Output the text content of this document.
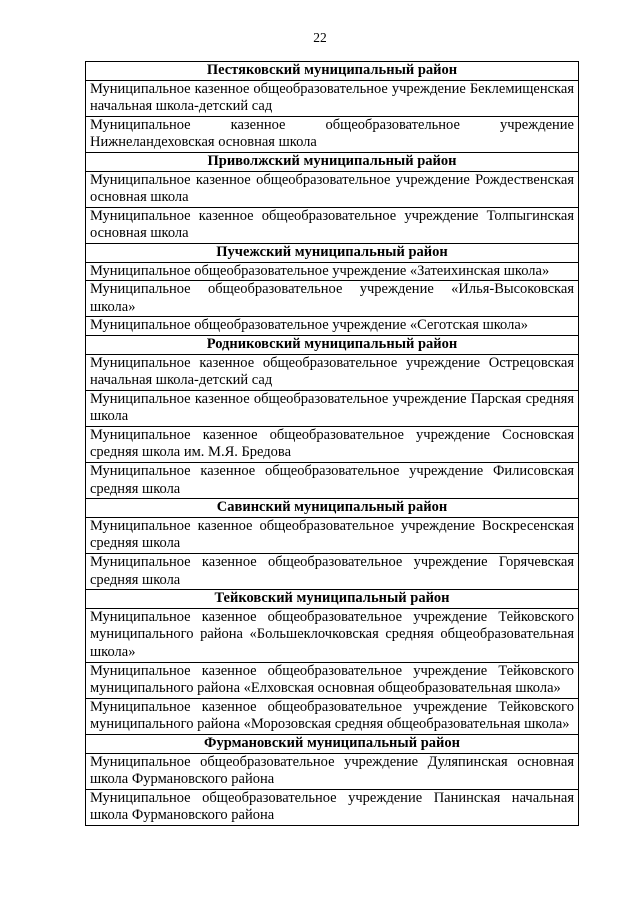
22
Пестяковский муниципальный район
Муниципальное казенное общеобразовательное учреждение Беклемищенская начальная школа-детский сад
Муниципальное казенное общеобразовательное учреждение Нижнеландеховская основная школа
Приволжский муниципальный район
Муниципальное казенное общеобразовательное учреждение Рождественская основная школа
Муниципальное казенное общеобразовательное учреждение Толпыгинская основная школа
Пучежский муниципальный район
Муниципальное общеобразовательное учреждение «Затеихинская школа»
Муниципальное общеобразовательное учреждение «Илья-Высоковская школа»
Муниципальное общеобразовательное учреждение «Сеготская школа»
Родниковский муниципальный район
Муниципальное казенное общеобразовательное учреждение Острецовская начальная школа-детский сад
Муниципальное казенное общеобразовательное учреждение Парская средняя школа
Муниципальное казенное общеобразовательное учреждение Сосновская средняя школа им. М.Я. Бредова
Муниципальное казенное общеобразовательное учреждение Филисовская средняя школа
Савинский муниципальный район
Муниципальное казенное общеобразовательное учреждение Воскресенская средняя школа
Муниципальное казенное общеобразовательное учреждение Горячевская средняя школа
Тейковский муниципальный район
Муниципальное казенное общеобразовательное учреждение Тейковского муниципального района «Большеклочковская средняя общеобразовательная школа»
Муниципальное казенное общеобразовательное учреждение Тейковского муниципального района «Елховская основная общеобразовательная школа»
Муниципальное казенное общеобразовательное учреждение Тейковского муниципального района «Морозовская средняя общеобразовательная школа»
Фурмановский муниципальный район
Муниципальное общеобразовательное учреждение Дуляпинская основная школа Фурмановского района
Муниципальное общеобразовательное учреждение Панинская начальная школа Фурмановского района
